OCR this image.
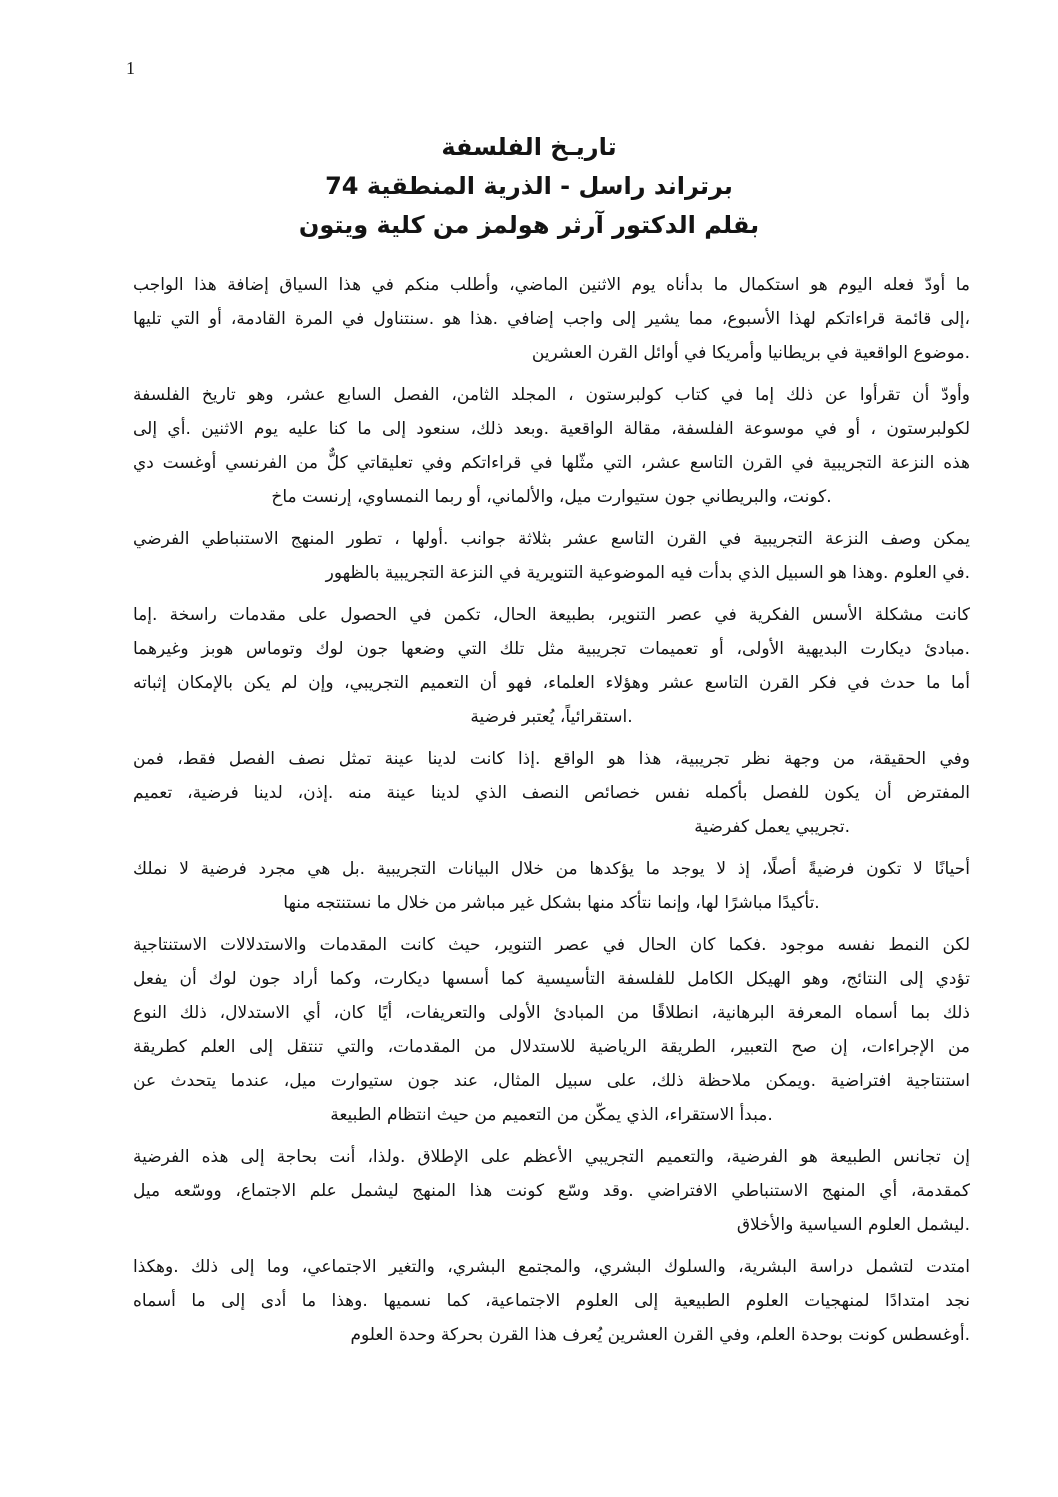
1
تاريـخ الفلسفة
برتراند راسل - الذرية المنطقية 74
بقلم الدكتور آرثر هولمز من كلية ويتون
ما أودّ فعله اليوم هو استكمال ما بدأناه يوم الاثنين الماضي، وأطلب منكم في هذا السياق إضافة هذا الواجب
،إلى قائمة قراءاتكم لهذا الأسبوع، مما يشير إلى واجب إضافي .هذا هو .سنتناول في المرة القادمة، أو التي تليها
.موضوع الواقعية في بريطانيا وأمريكا في أوائل القرن العشرين
وأودّ أن تقرأوا عن ذلك إما في كتاب كولبرستون ، المجلد الثامن، الفصل السابع عشر، وهو تاريخ الفلسفة
لكولبرستون ، أو في موسوعة الفلسفة، مقالة الواقعية .وبعد ذلك، سنعود إلى ما كنا عليه يوم الاثنين .أي إلى
هذه النزعة التجريبية في القرن التاسع عشر، التي مثّلها في قراءاتكم وفي تعليقاتي كلٌّ من الفرنسي أوغست دي
.كونت، والبريطاني جون ستيوارت ميل، والألماني، أو ربما النمساوي، إرنست ماخ
يمكن وصف النزعة التجريبية في القرن التاسع عشر بثلاثة جوانب .أولها ، تطور المنهج الاستنباطي الفرضي
.في العلوم .وهذا هو السبيل الذي بدأت فيه الموضوعية التنويرية في النزعة التجريبية بالظهور
كانت مشكلة الأسس الفكرية في عصر التنوير، بطبيعة الحال، تكمن في الحصول على مقدمات راسخة .إما
.مبادئ ديكارت البديهية الأولى، أو تعميمات تجريبية مثل تلك التي وضعها جون لوك وتوماس هوبز وغيرهما
أما ما حدث في فكر القرن التاسع عشر وهؤلاء العلماء، فهو أن التعميم التجريبي، وإن لم يكن بالإمكان إثباته
.استقرائياً، يُعتبر فرضية
وفي الحقيقة، من وجهة نظر تجريبية، هذا هو الواقع .إذا كانت لدينا عينة تمثل نصف الفصل فقط، فمن
المفترض أن يكون للفصل بأكمله نفس خصائص النصف الذي لدينا عينة منه .إذن، لدينا فرضية، تعميم
.تجريبي يعمل كفرضية
أحيانًا لا تكون فرضيةً أصلًا، إذ لا يوجد ما يؤكدها من خلال البيانات التجريبية .بل هي مجرد فرضية لا نملك
.تأكيدًا مباشرًا لها، وإنما نتأكد منها بشكل غير مباشر من خلال ما نستنتجه منها
لكن النمط نفسه موجود .فكما كان الحال في عصر التنوير، حيث كانت المقدمات والاستدلالات الاستنتاجية
تؤدي إلى النتائج، وهو الهيكل الكامل للفلسفة التأسيسية كما أسسها ديكارت، وكما أراد جون لوك أن يفعل
ذلك بما أسماه المعرفة البرهانية، انطلاقًا من المبادئ الأولى والتعريفات، أيًا كان، أي الاستدلال، ذلك النوع
من الإجراءات، إن صح التعبير، الطريقة الرياضية للاستدلال من المقدمات، والتي تنتقل إلى العلم كطريقة
استنتاجية افتراضية .ويمكن ملاحظة ذلك، على سبيل المثال، عند جون ستيوارت ميل، عندما يتحدث عن
.مبدأ الاستقراء، الذي يمكّن من التعميم من حيث انتظام الطبيعة
إن تجانس الطبيعة هو الفرضية، والتعميم التجريبي الأعظم على الإطلاق .ولذا، أنت بحاجة إلى هذه الفرضية
كمقدمة، أي المنهج الاستنباطي الافتراضي .وقد وسّع كونت هذا المنهج ليشمل علم الاجتماع، ووسّعه ميل
.ليشمل العلوم السياسية والأخلاق
امتدت لتشمل دراسة البشرية، والسلوك البشري، والمجتمع البشري، والتغير الاجتماعي، وما إلى ذلك .وهكذا
نجد امتدادًا لمنهجيات العلوم الطبيعية إلى العلوم الاجتماعية، كما نسميها .وهذا ما أدى إلى ما أسماه
.أوغسطس كونت بوحدة العلم، وفي القرن العشرين يُعرف هذا القرن بحركة وحدة العلوم
